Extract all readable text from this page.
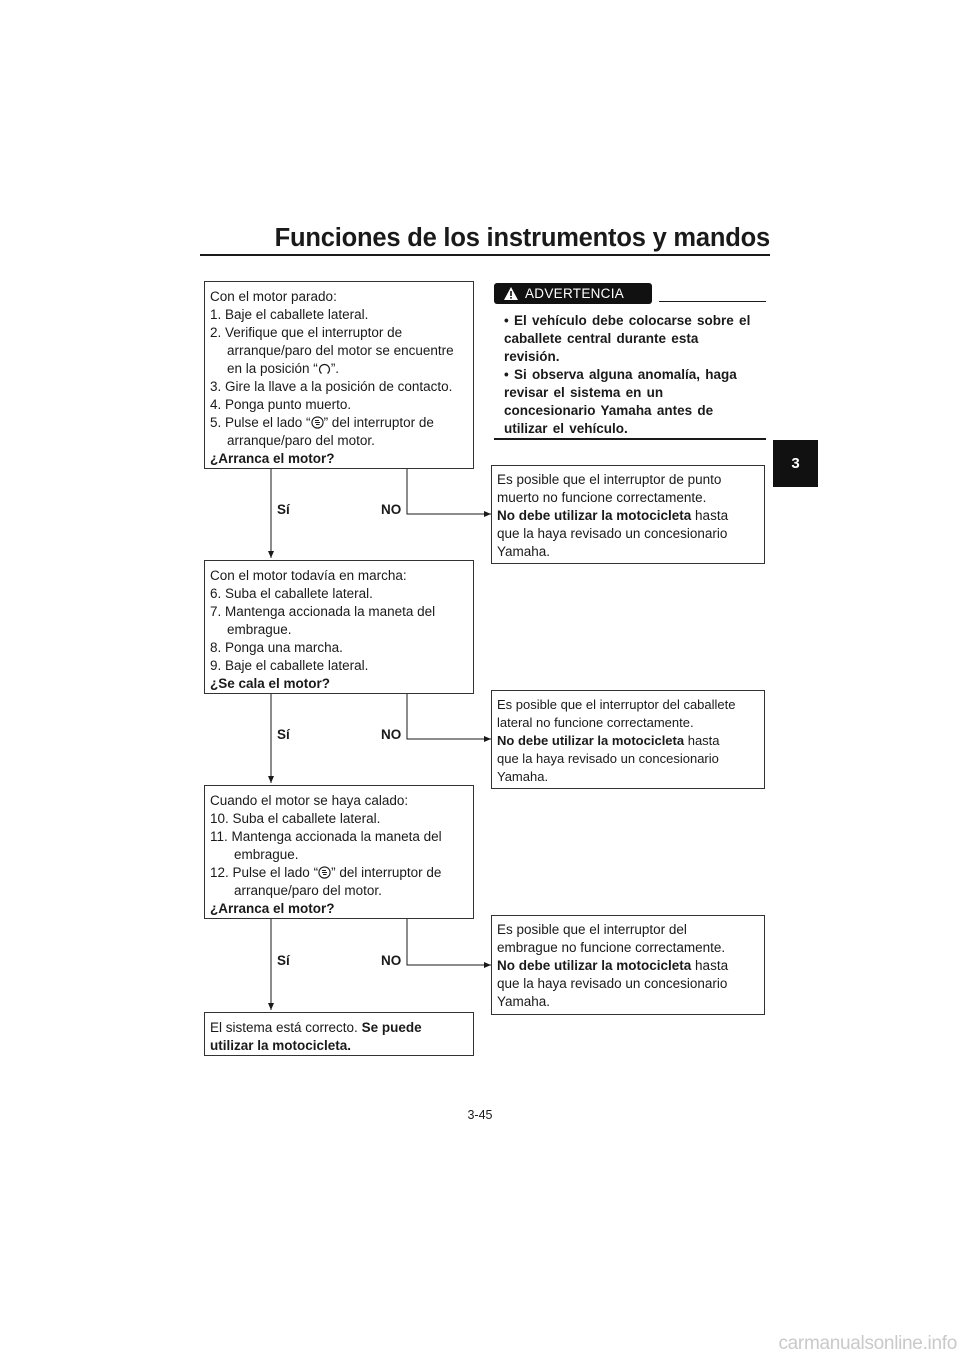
Funciones de los instrumentos y mandos
3
Con el motor parado:
1. Baje el caballete lateral.
2. Verifique que el interruptor de
arranque/paro del motor se encuentre
en la posición “ ”.
3. Gire la llave a la posición de contacto.
4. Ponga punto muerto.
5. Pulse el lado “ ” del interruptor de
arranque/paro del motor.
¿Arranca el motor?
Con el motor todavía en marcha:
6. Suba el caballete lateral.
7. Mantenga accionada la maneta del
embrague.
8. Ponga una marcha.
9. Baje el caballete lateral.
¿Se cala el motor?
Cuando el motor se haya calado:
10. Suba el caballete lateral.
11. Mantenga accionada la maneta del
embrague.
12. Pulse el lado “ ” del interruptor de
arranque/paro del motor.
¿Arranca el motor?
El sistema está correcto. Se puede
utilizar la motocicleta.
ADVERTENCIA
• El vehículo debe colocarse sobre el
caballete central durante esta
revisión.
• Si observa alguna anomalía, haga
revisar el sistema en un
concesionario Yamaha antes de
utilizar el vehículo.
Es posible que el interruptor de punto
muerto no funcione correctamente.
No debe utilizar la motocicleta hasta
que la haya revisado un concesionario
Yamaha.
Es posible que el interruptor del caballete
lateral no funcione correctamente.
No debe utilizar la motocicleta hasta
que la haya revisado un concesionario
Yamaha.
Es posible que el interruptor del
embrague no funcione correctamente.
No debe utilizar la motocicleta hasta
que la haya revisado un concesionario
Yamaha.
Sí	NO
Sí	NO
Sí	NO
3-45
carmanualsonline.info
